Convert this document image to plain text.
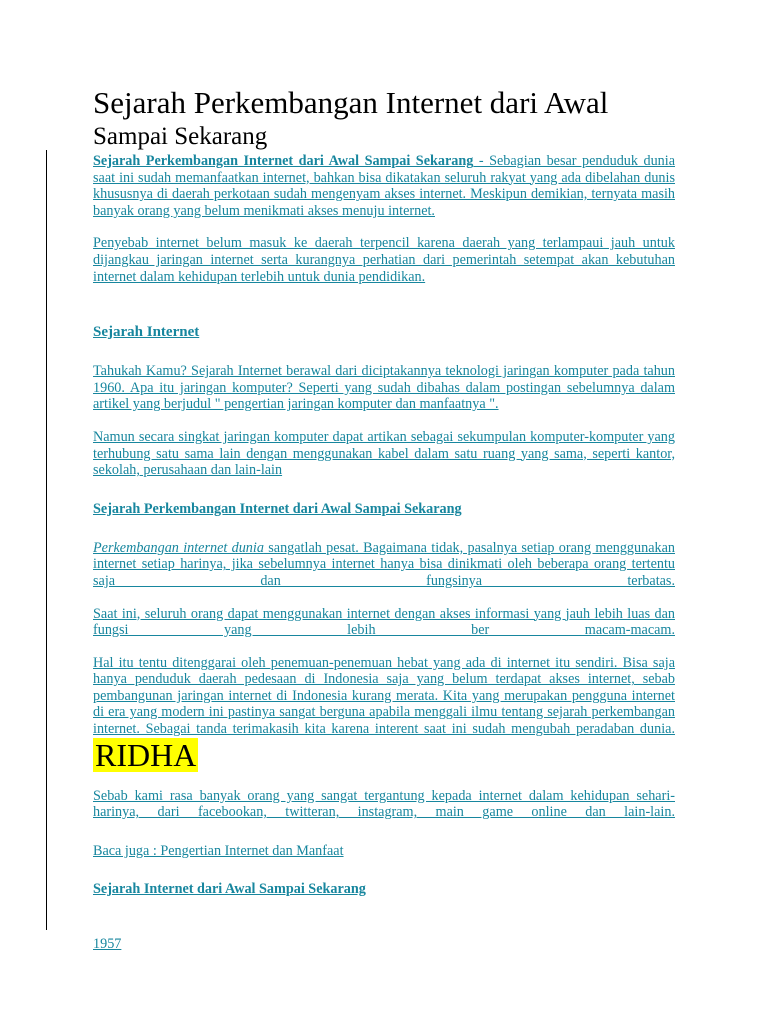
Sejarah Perkembangan Internet dari Awal
Sampai Sekarang

Sejarah Perkembangan Internet dari Awal Sampai Sekarang - Sebagian besar penduduk dunia saat ini sudah memanfaatkan internet, bahkan bisa dikatakan seluruh rakyat yang ada dibelahan dunis khususnya di daerah perkotaan sudah mengenyam akses internet. Meskipun demikian, ternyata masih banyak orang yang belum menikmati akses menuju internet.

Penyebab internet belum masuk ke daerah terpencil karena daerah yang terlampaui jauh untuk dijangkau jaringan internet serta kurangnya perhatian dari pemerintah setempat akan kebutuhan internet dalam kehidupan terlebih untuk dunia pendidikan.

Sejarah Internet

Tahukah Kamu? Sejarah Internet berawal dari diciptakannya teknologi jaringan komputer pada tahun 1960. Apa itu jaringan komputer? Seperti yang sudah dibahas dalam postingan sebelumnya dalam artikel yang berjudul " pengertian jaringan komputer dan manfaatnya ".

Namun secara singkat jaringan komputer dapat artikan sebagai sekumpulan komputer-komputer yang terhubung satu sama lain dengan menggunakan kabel dalam satu ruang yang sama, seperti kantor, sekolah, perusahaan dan lain-lain

Sejarah Perkembangan Internet dari Awal Sampai Sekarang

Perkembangan internet dunia sangatlah pesat. Bagaimana tidak, pasalnya setiap orang menggunakan internet setiap harinya, jika sebelumnya internet hanya bisa dinikmati oleh beberapa orang tertentu saja dan fungsinya terbatas.

Saat ini, seluruh orang dapat menggunakan internet dengan akses informasi yang jauh lebih luas dan fungsi yang lebih ber macam-macam.

Hal itu tentu ditenggarai oleh penemuan-penemuan hebat yang ada di internet itu sendiri. Bisa saja hanya penduduk daerah pedesaan di Indonesia saja yang belum terdapat akses internet, sebab pembangunan jaringan internet di Indonesia kurang merata. Kita yang merupakan pengguna internet di era yang modern ini pastinya sangat berguna apabila menggali ilmu tentang sejarah perkembangan internet. Sebagai tanda terimakasih kita karena interent saat ini sudah mengubah peradaban dunia.RIDHA

Sebab kami rasa banyak orang yang sangat tergantung kepada internet dalam kehidupan sehari-harinya, dari facebookan, twitteran, instagram, main game online dan lain-lain.

Baca juga : Pengertian Internet dan Manfaat

Sejarah Internet dari Awal Sampai Sekarang

1957
